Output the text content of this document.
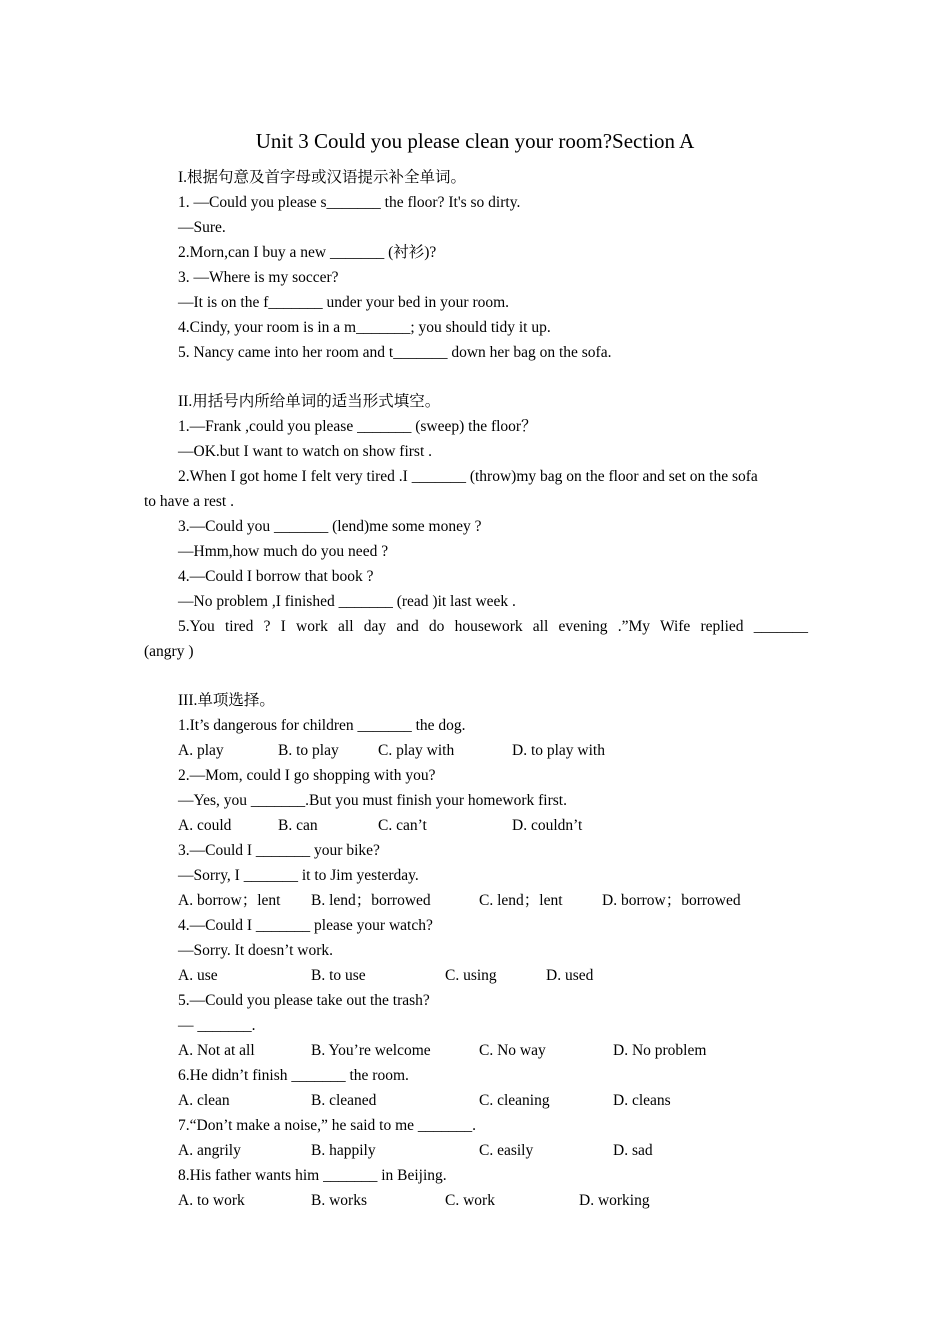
Unit 3 Could you please clean your room?Section A
I.根据句意及首字母或汉语提示补全单词。
1. —Could you please s_______ the floor? It's so dirty.
—Sure.
2.Morn,can I buy a new _______ (衬衫)?
3. —Where is my soccer?
—It is on the f_______ under your bed in your room.
4.Cindy, your room is in a m_______; you should tidy it up.
5. Nancy came into her room and t_______ down her bag on the sofa.
II.用括号内所给单词的适当形式填空。
1.—Frank ,could you please _______ (sweep) the floor？
—OK.but I want to watch on show first .
2.When I got home I felt very tired .I _______ (throw)my bag on the floor and set on the sofa
to have a rest .
3.—Could you _______ (lend)me some money ?
—Hmm,how much do you need ?
4.—Could I borrow that book ?
—No problem ,I finished _______ (read )it last week .
5.You tired ? I work all day and do housework all evening .”My Wife replied _______
(angry )
III.单项选择。
1.It’s dangerous for children _______ the dog.
A. play	B. to play	C. play with	D. to play with
2.—Mom, could I go shopping with you?
—Yes, you _______.But you must finish your homework first.
A. could	B. can	C. can’t	D. couldn’t
3.—Could I _______ your bike?
—Sorry, I _______ it to Jim yesterday.
A. borrow；lent B. lend；borrowed	C. lend；lent	D. borrow；borrowed
4.—Could I _______ please your watch?
—Sorry. It doesn’t work.
A. use	B. to use	C. using	D. used
5.—Could you please take out the trash?
— _______.
A. Not at all	B. You’re welcome	C. No way	D. No problem
6.He didn’t finish _______ the room.
A. clean	B. cleaned	C. cleaning	D. cleans
7.“Don’t make a noise,” he said to me _______.
A. angrily	B. happily	C. easily	D. sad
8.His father wants him _______ in Beijing.
A. to work	B. works	C. work	D. working
